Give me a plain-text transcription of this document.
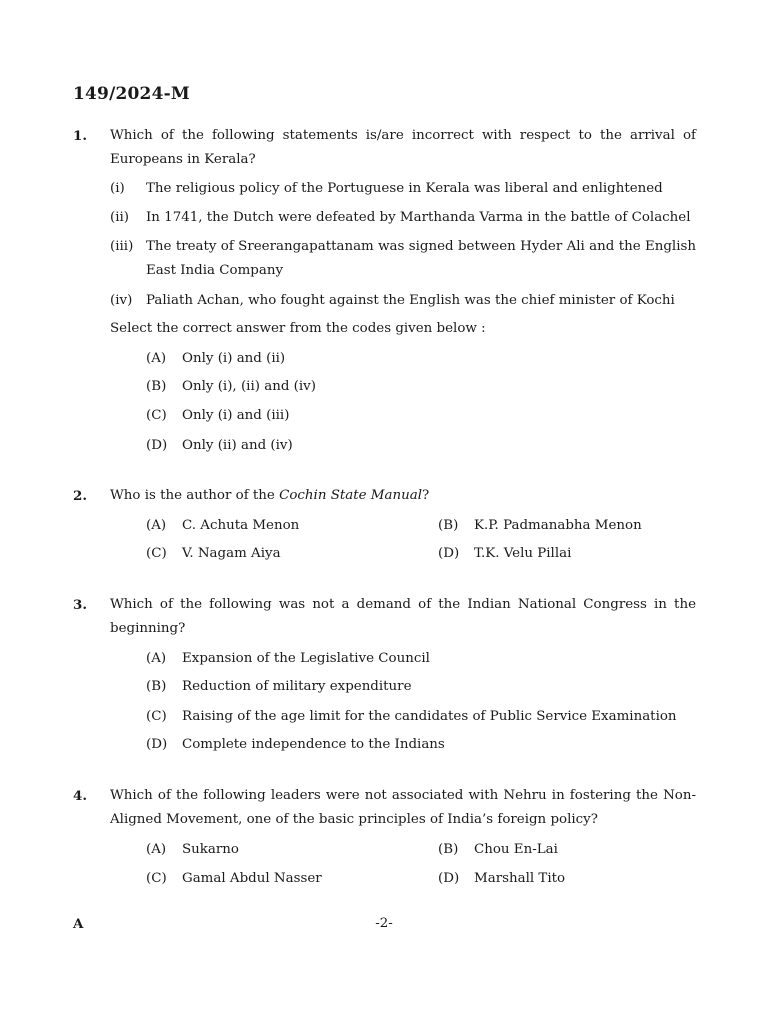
149/2024-M
1. Which of the following statements is/are incorrect with respect to the arrival of Europeans in Kerala?
(i) The religious policy of the Portuguese in Kerala was liberal and enlightened
(ii) In 1741, the Dutch were defeated by Marthanda Varma in the battle of Colachel
(iii) The treaty of Sreerangapattanam was signed between Hyder Ali and the English East India Company
(iv) Paliath Achan, who fought against the English was the chief minister of Kochi
Select the correct answer from the codes given below :
(A) Only (i) and (ii)
(B) Only (i), (ii) and (iv)
(C) Only (i) and (iii)
(D) Only (ii) and (iv)
2. Who is the author of the Cochin State Manual?
(A) C. Achuta Menon	(B) K.P. Padmanabha Menon
(C) V. Nagam Aiya	(D) T.K. Velu Pillai
3. Which of the following was not a demand of the Indian National Congress in the beginning?
(A) Expansion of the Legislative Council
(B) Reduction of military expenditure
(C) Raising of the age limit for the candidates of Public Service Examination
(D) Complete independence to the Indians
4. Which of the following leaders were not associated with Nehru in fostering the Non-Aligned Movement, one of the basic principles of India’s foreign policy?
(A) Sukarno	(B) Chou En-Lai
(C) Gamal Abdul Nasser	(D) Marshall Tito
A	-2-
